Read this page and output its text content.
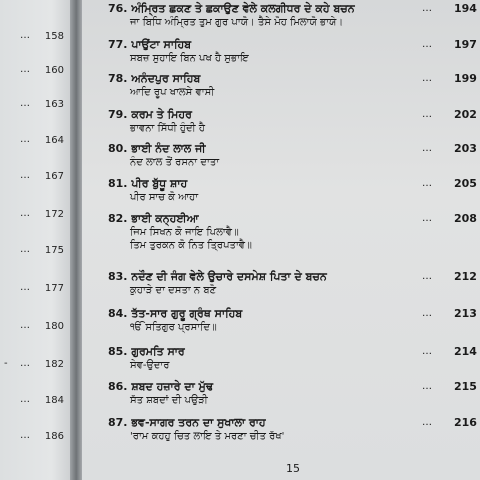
… 158
… 160
… 163
… 164
… 167
… 172
… 175
… 177
… 180
- … 182
… 184
… 186
76. ਅੰਮ੍ਰਿਤ ਛਕਣ ਤੇ ਛਕਾਉਣ ਵੇਲੇ ਕਲਗੀਧਰ ਦੇ ਕਹੇ ਬਚਨ
ਜਾ ਬਿਧਿ ਅੰਮ੍ਰਿਤ ਤੁਮ ਗੁਰ ਪਾਯੋ। ਤੈਸੇ ਮੋਹ ਮਿਲਾਯੋ ਭਾਯੇ।
… 194
77. ਪਾਉਂਟਾ ਸਾਹਿਬ
ਸਬਜ਼ ਸੁਹਾਇ ਬਿਨ ਪਖ ਹੈ ਸੁਭਾਇ
… 197
78. ਅਨੰਦਪੁਰ ਸਾਹਿਬ
ਆਦਿ ਰੂਪ ਖਾਲਸੇ ਵਾਸੀ
… 199
79. ਕਰਮ ਤੇ ਮਿਹਰ
ਭਾਵਨਾ ਸਿੱਧੀ ਹੁੰਦੀ ਹੈ
… 202
80. ਭਾਈ ਨੰਦ ਲਾਲ ਜੀ
ਨੰਦ ਲਾਲ ਤੋਂ ਰਸਨਾ ਦਾਤਾ
… 203
81. ਪੀਰ ਬੁੱਧੂ ਸ਼ਾਹ
ਪੀਰ ਸਾਚ ਕੋ ਆਹਾ
… 205
82. ਭਾਈ ਕਨ੍ਹਈਆ
ਜਿਮ ਸਿਖਨ ਕੋ ਜਾਇ ਪਿਲਾਵੈ॥
ਤਿਮ ਤੁਰਕਨ ਕੋ ਨਿਤ ਤ੍ਰਿਪਤਾਵੈ॥
… 208
83. ਨਦੌਣ ਦੀ ਜੰਗ ਵੇਲੇ ਉਚਾਰੇ ਦਸਮੇਸ਼ ਪਿਤਾ ਦੇ ਬਚਨ
ਕੁਹਾੜੇ ਦਾ ਦਸਤਾ ਨ ਬਣੋ
… 212
84. ਤੱਤ-ਸਾਰ ਗੁਰੂ ਗ੍ਰੰਥ ਸਾਹਿਬ
ੴ ਸਤਿਗੁਰ ਪ੍ਰਸਾਦਿ॥
… 213
85. ਗੁਰਮਤਿ ਸਾਰ
ਸੇਵ-ਉਦਾਰ
… 214
86. ਸ਼ਬਦ ਹਜ਼ਾਰੇ ਦਾ ਮੁੱਢ
ਸੱਤ ਸ਼ਬਦਾਂ ਦੀ ਪਉੜੀ
… 215
87. ਭਵ-ਸਾਗਰ ਤਰਨ ਦਾ ਸੁਖਾਲਾ ਰਾਹ
'ਰਾਮ ਕਹਹੁ ਚਿਤ ਲਾਇ ਤੇ ਮਰਣਾ ਚੀਤ ਰੱਖ'
… 216
15
